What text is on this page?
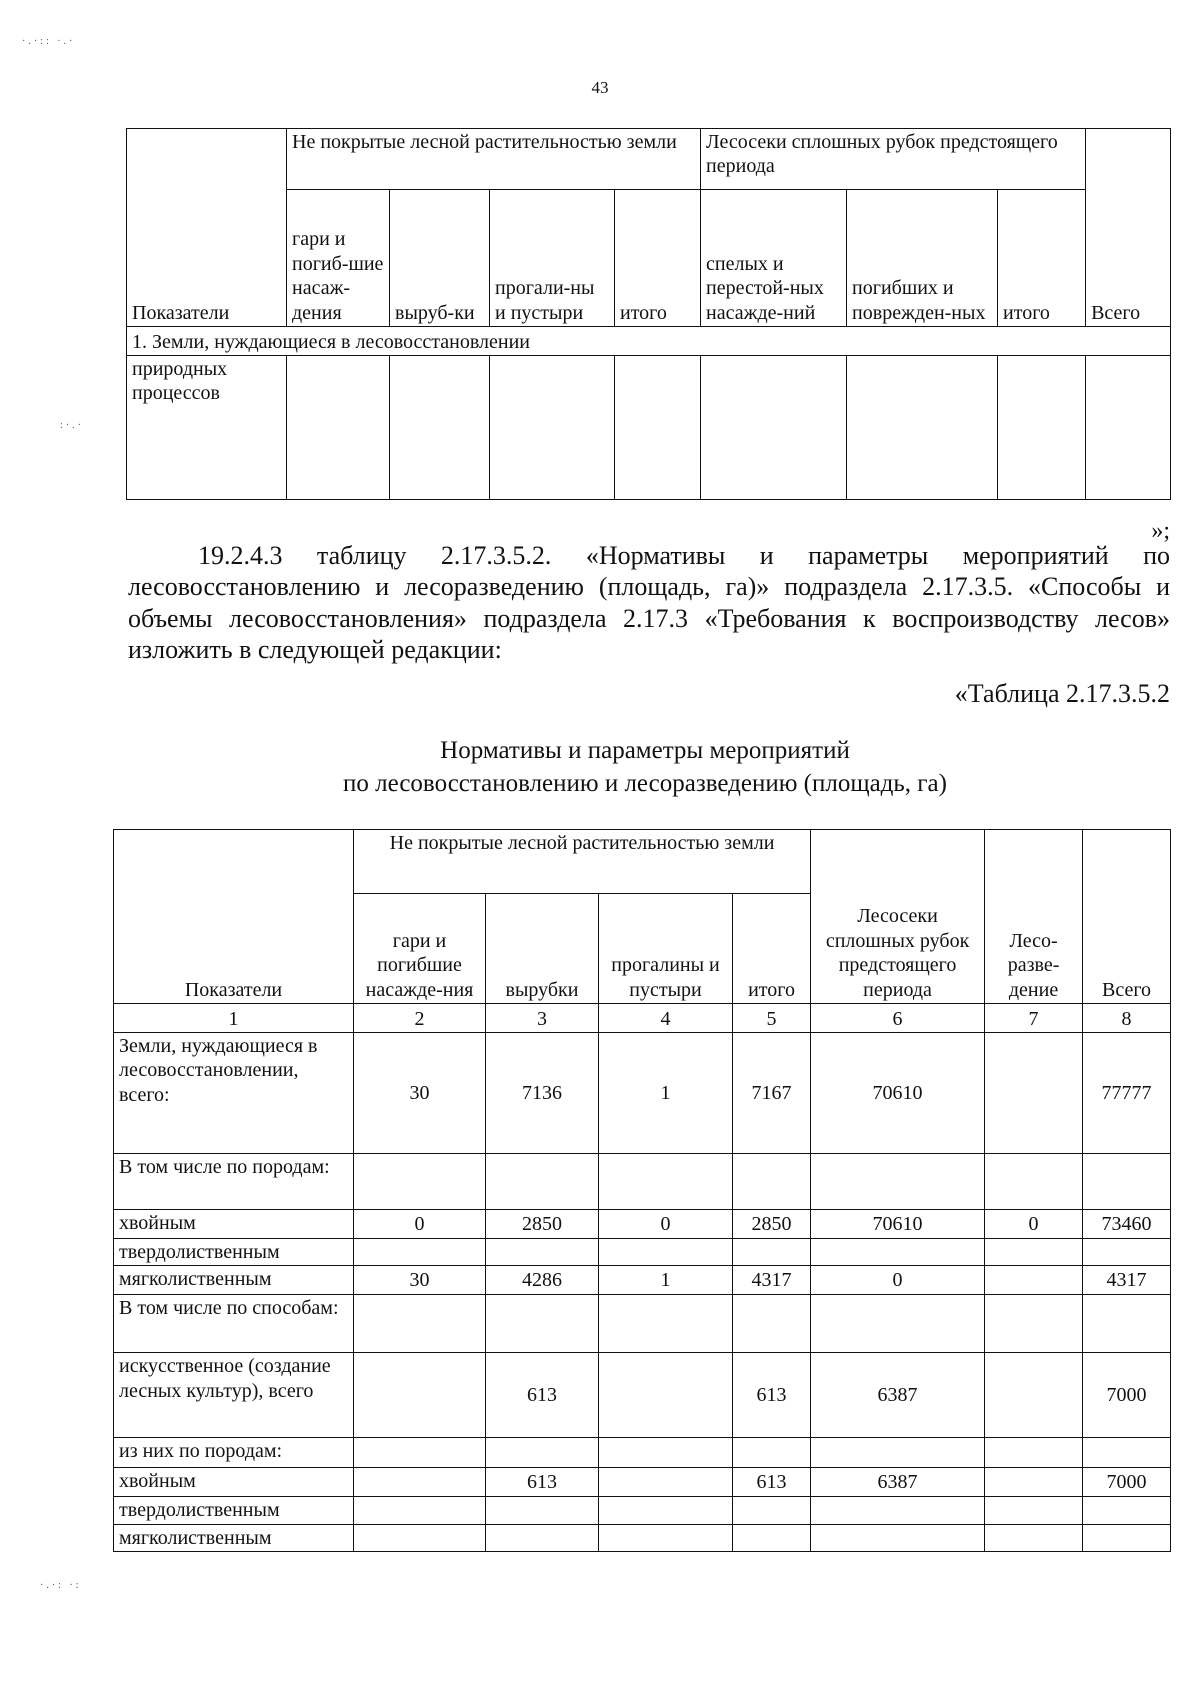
43
·.·:: ·.·
:·.·
·.·: ·:
Показатели	Не покрытые лесной растительностью земли				Лесосеки сплошных рубок предстоящего периода			Всего
	гари и погиб-шие насаж-дения	выруб-ки	прогали-ны и пустыри	итого	спелых и перестой-ных насажде-ний	погибших и поврежден-ных	итого	
1. Земли, нуждающиеся в лесовосстановлении								
природных процессов								
»;
19.2.4.3 таблицу 2.17.3.5.2. «Нормативы и параметры мероприятий по лесовосстановлению и лесоразведению (площадь, га)» подраздела 2.17.3.5. «Способы и объемы лесовосстановления» подраздела 2.17.3 «Требования к воспроизводству лесов» изложить в следующей редакции:
«Таблица 2.17.3.5.2
Нормативы и параметры мероприятий
по лесовосстановлению и лесоразведению (площадь, га)
Показатели	Не покрытые лесной растительностью земли				Лесосеки сплошных рубок предстоящего периода	Лесо-разве-дение	Всего
	гари и погибшие насажде-ния	вырубки	прогалины и пустыри	итого			
1	2	3	4	5	6	7	8
Земли, нуждающиеся в лесовосстановлении, всего:	30	7136	1	7167	70610		77777
В том числе по породам:							
хвойным	0	2850	0	2850	70610	0	73460
твердолиственным							
мягколиственным	30	4286	1	4317	0		4317
В том числе по способам:							
искусственное (создание лесных культур), всего		613		613	6387		7000
из них по породам:							
хвойным		613		613	6387		7000
твердолиственным							
мягколиственным							
